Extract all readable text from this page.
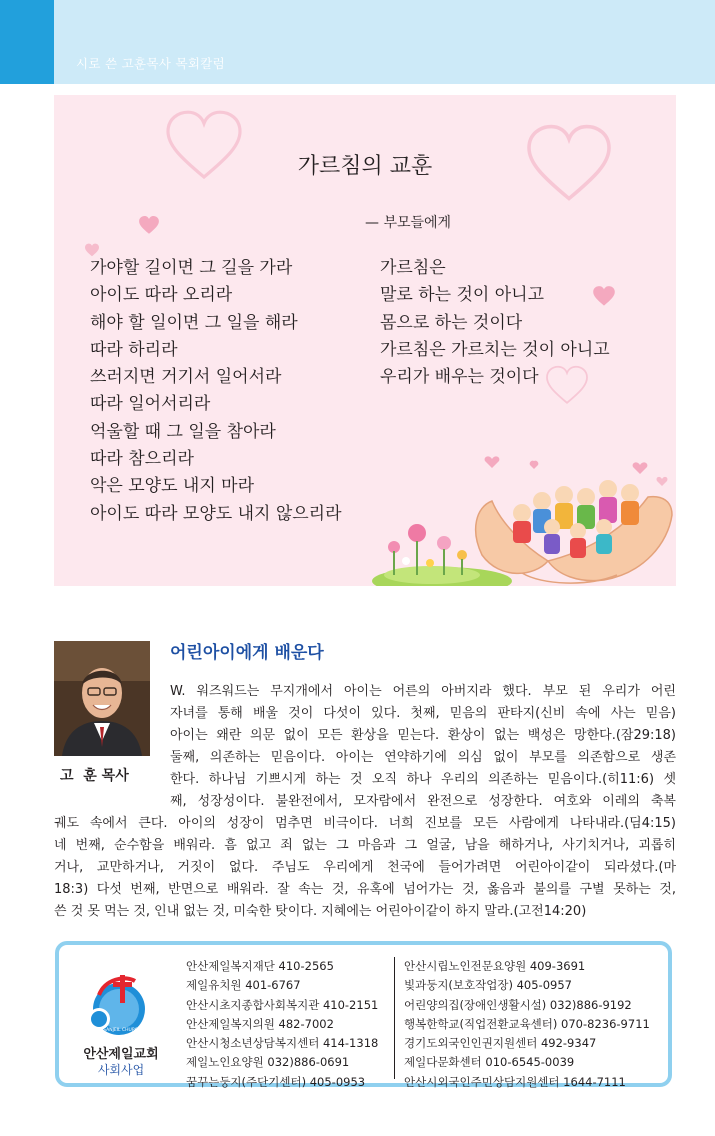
시로 쓴 고훈목사 목회칼럼
가르침의 교훈
— 부모들에게
가야할 길이면 그 길을 가라
아이도 따라 오리라
해야 할 일이면 그 일을 해라
따라 하리라
쓰러지면 거기서 일어서라
따라 일어서리라
억울할 때 그 일을 참아라
따라 참으리라
악은 모양도 내지 마라
아이도 따라 모양도 내지 않으리라
가르침은
말로 하는 것이 아니고
몸으로 하는 것이다
가르침은 가르치는 것이 아니고
우리가 배우는 것이다
고  훈 목사
어린아이에게 배운다
W. 워즈워드는 무지개에서 아이는 어른의 아버지라 했다. 부모 된 우리가 어린
자녀를 통해 배울 것이 다섯이 있다. 첫째, 믿음의 판타지(신비 속에 사는 믿음)
아이는 왜란 의문 없이 모든 환상을 믿는다. 환상이 없는 백성은 망한다.(잠29:18)
둘째, 의존하는 믿음이다. 아이는 연약하기에 의심 없이 부모를 의존함으로 생존
한다. 하나님 기쁘시게 하는 것 오직 하나 우리의 의존하는 믿음이다.(히11:6) 셋
째, 성장성이다. 불완전에서, 모자람에서 완전으로 성장한다. 여호와 이레의 축복
궤도 속에서 큰다. 아이의 성장이 멈추면 비극이다. 너희 진보를 모든 사람에게 나타내라.(딤4:15)
네 번째, 순수함을 배워라. 흠 없고 죄 없는 그 마음과 그 얼굴, 남을 해하거나, 사기치거나, 괴롭히
거나, 교만하거나, 거짓이 없다. 주님도 우리에게 천국에 들어가려면 어린아이같이 되라셨다.(마
18:3) 다섯 번째, 반면으로 배워라. 잘 속는 것, 유혹에 넘어가는 것, 옳음과 불의를 구별 못하는 것,
쓴 것 못 먹는 것, 인내 없는 것, 미숙한 탓이다. 지혜에는 어린아이같이 하지 말라.(고전14:20)
ANSANJEIL CHURCH
안산제일교회
사회사업
안산제일복지재단 410-2565
제일유치원 401-6767
안산시초지종합사회복지관 410-2151
안산제일복지의원 482-7002
안산시청소년상담복지센터 414-1318
제일노인요양원 032)886-0691
꿈꾸는둥지(주단기센터) 405-0953
안산시립노인전문요양원 409-3691
빛과둥지(보호작업장) 405-0957
어린양의집(장애인생활시설) 032)886-9192
행복한학교(직업전환교육센터) 070-8236-9711
경기도외국인인권지원센터 492-9347
제일다문화센터 010-6545-0039
안산시외국인주민상담지원센터 1644-7111
